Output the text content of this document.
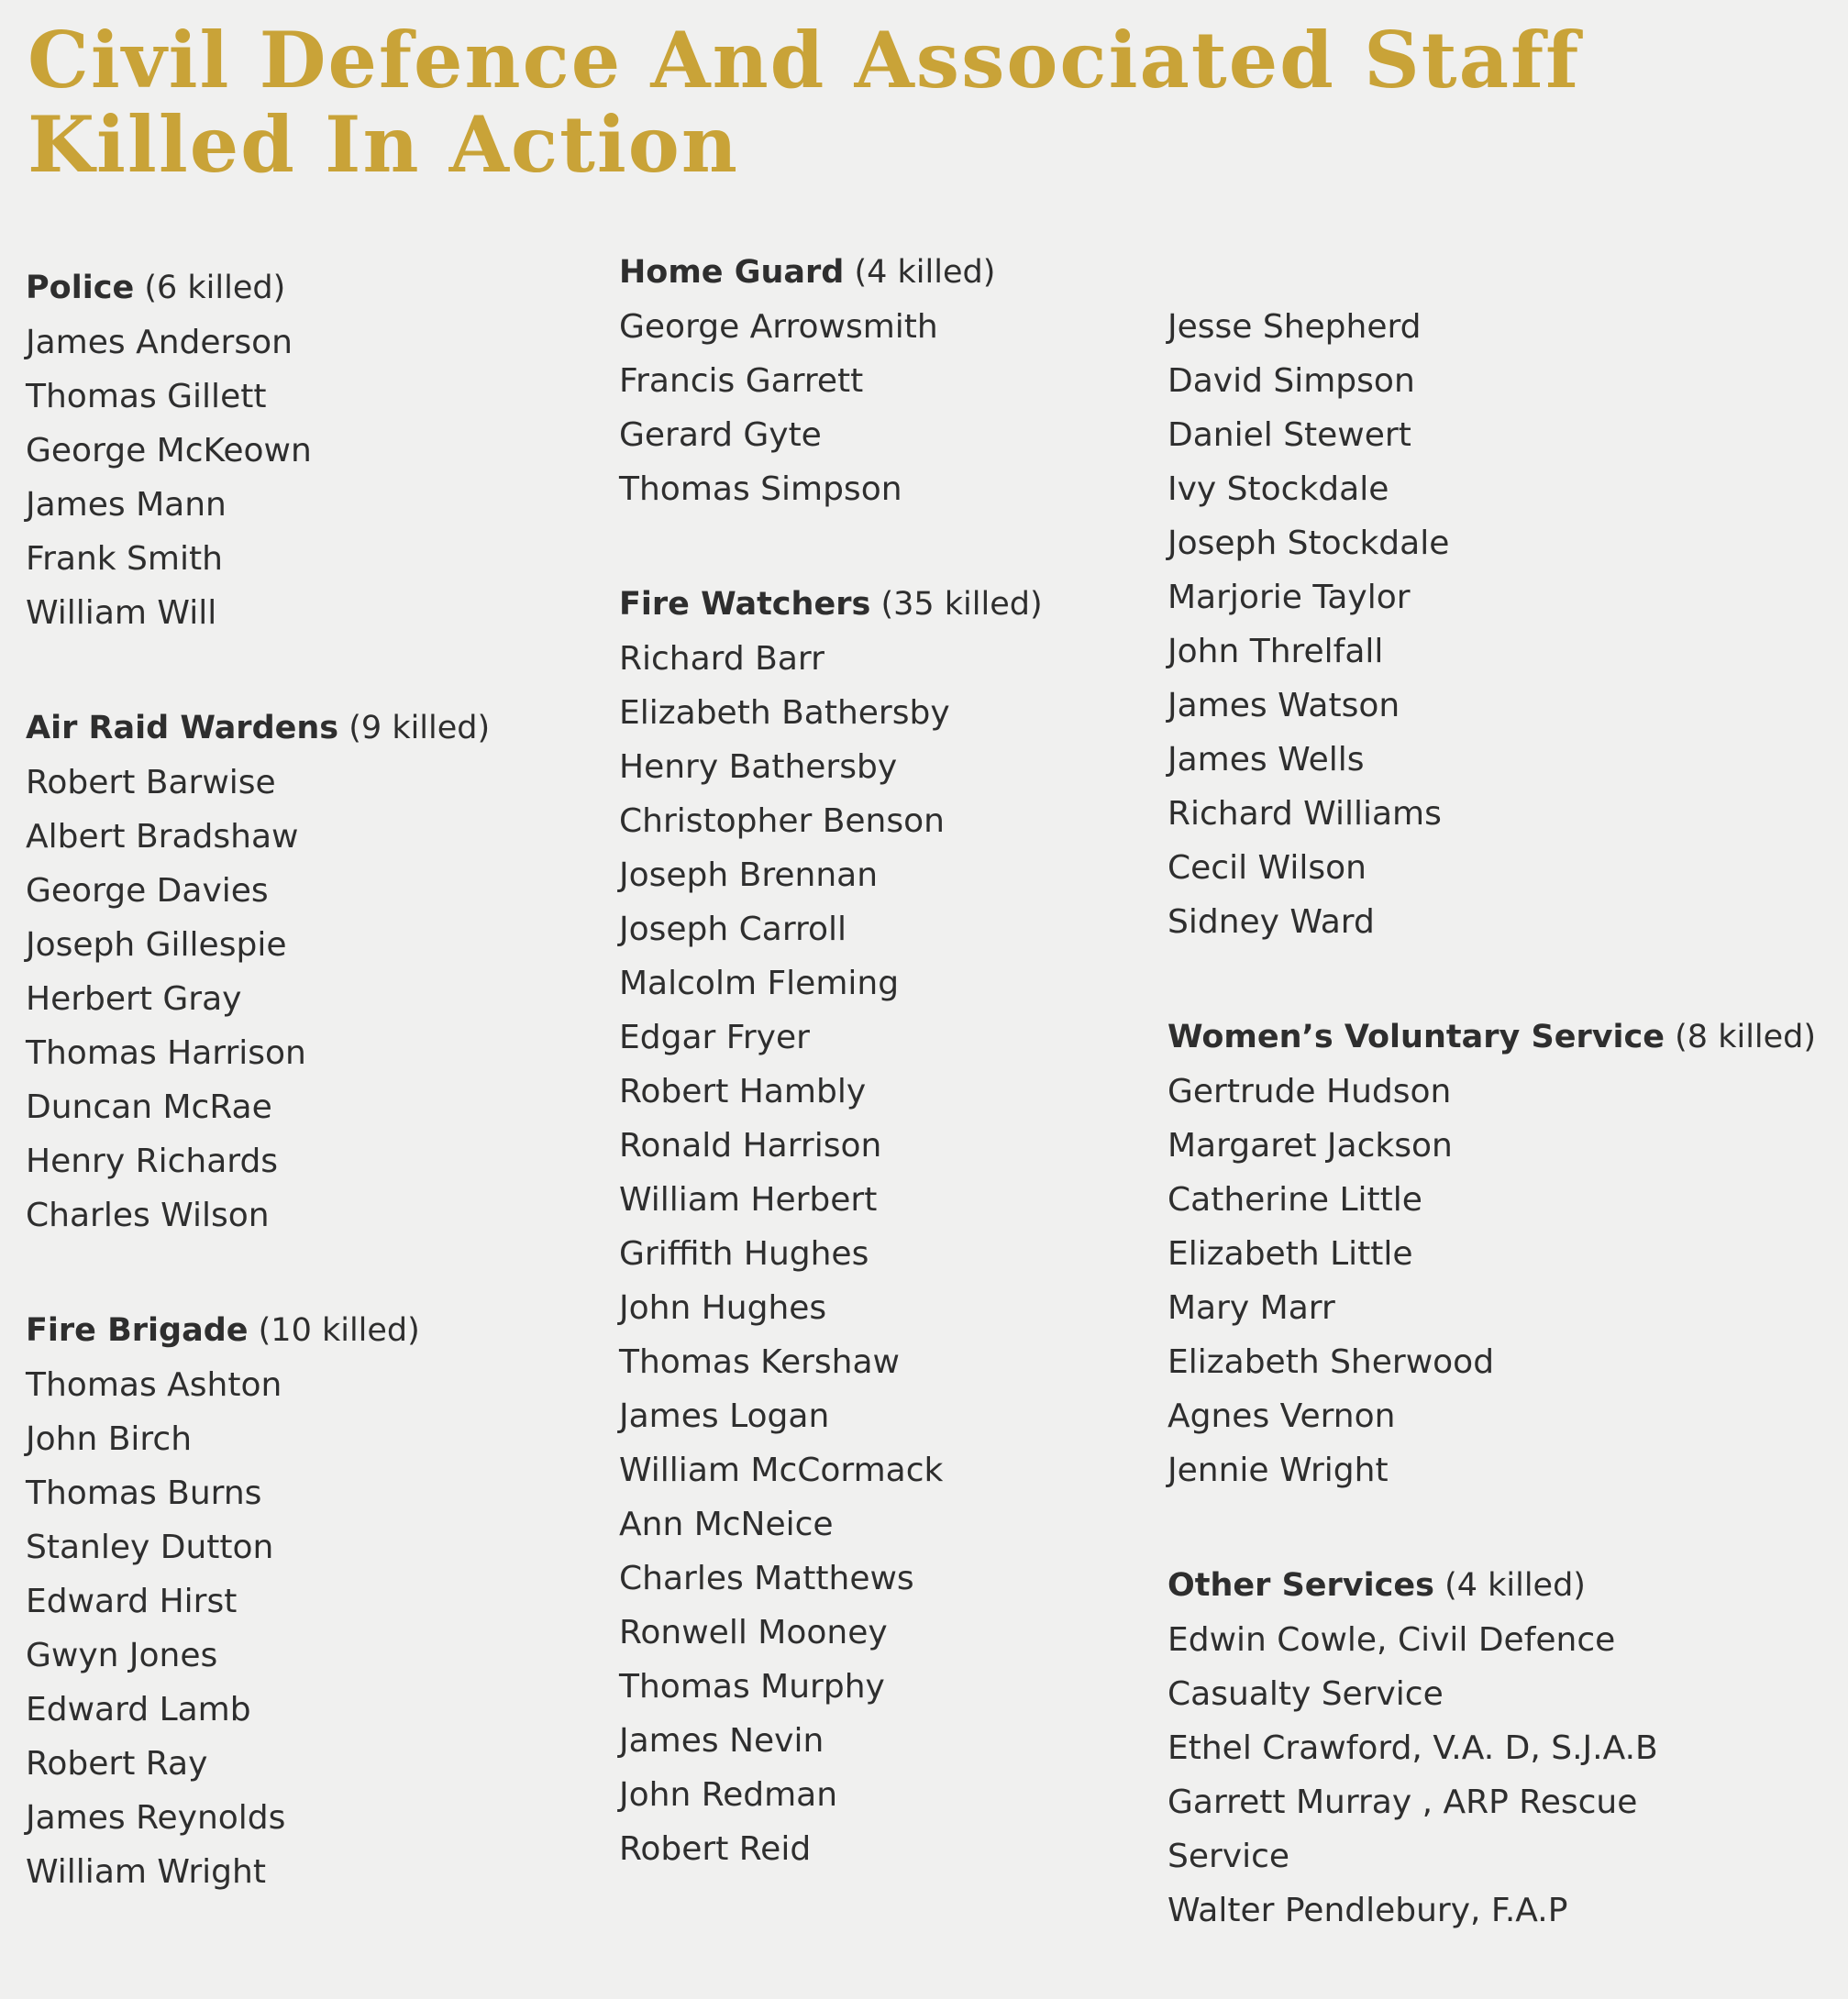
Civil Defence And Associated Staff
Killed In Action
Police (6 killed)
James Anderson
Thomas Gillett
George McKeown
James Mann
Frank Smith
William Will
Air Raid Wardens (9 killed)
Robert Barwise
Albert Bradshaw
George Davies
Joseph Gillespie
Herbert Gray
Thomas Harrison
Duncan McRae
Henry Richards
Charles Wilson
Fire Brigade (10 killed)
Thomas Ashton
John Birch
Thomas Burns
Stanley Dutton
Edward Hirst
Gwyn Jones
Edward Lamb
Robert Ray
James Reynolds
William Wright
Home Guard (4 killed)
George Arrowsmith
Francis Garrett
Gerard Gyte
Thomas Simpson
Fire Watchers (35 killed)
Richard Barr
Elizabeth Bathersby
Henry Bathersby
Christopher Benson
Joseph Brennan
Joseph Carroll
Malcolm Fleming
Edgar Fryer
Robert Hambly
Ronald Harrison
William Herbert
Griffith Hughes
John Hughes
Thomas Kershaw
James Logan
William McCormack
Ann McNeice
Charles Matthews
Ronwell Mooney
Thomas Murphy
James Nevin
John Redman
Robert Reid
Jesse Shepherd
David Simpson
Daniel Stewert
Ivy Stockdale
Joseph Stockdale
Marjorie Taylor
John Threlfall
James Watson
James Wells
Richard Williams
Cecil Wilson
Sidney Ward
Women’s Voluntary Service (8 killed)
Gertrude Hudson
Margaret Jackson
Catherine Little
Elizabeth Little
Mary Marr
Elizabeth Sherwood
Agnes Vernon
Jennie Wright
Other Services (4 killed)
Edwin Cowle, Civil Defence Casualty Service
Ethel Crawford, V.A. D, S.J.A.B
Garrett Murray , ARP Rescue Service
Walter Pendlebury, F.A.P
